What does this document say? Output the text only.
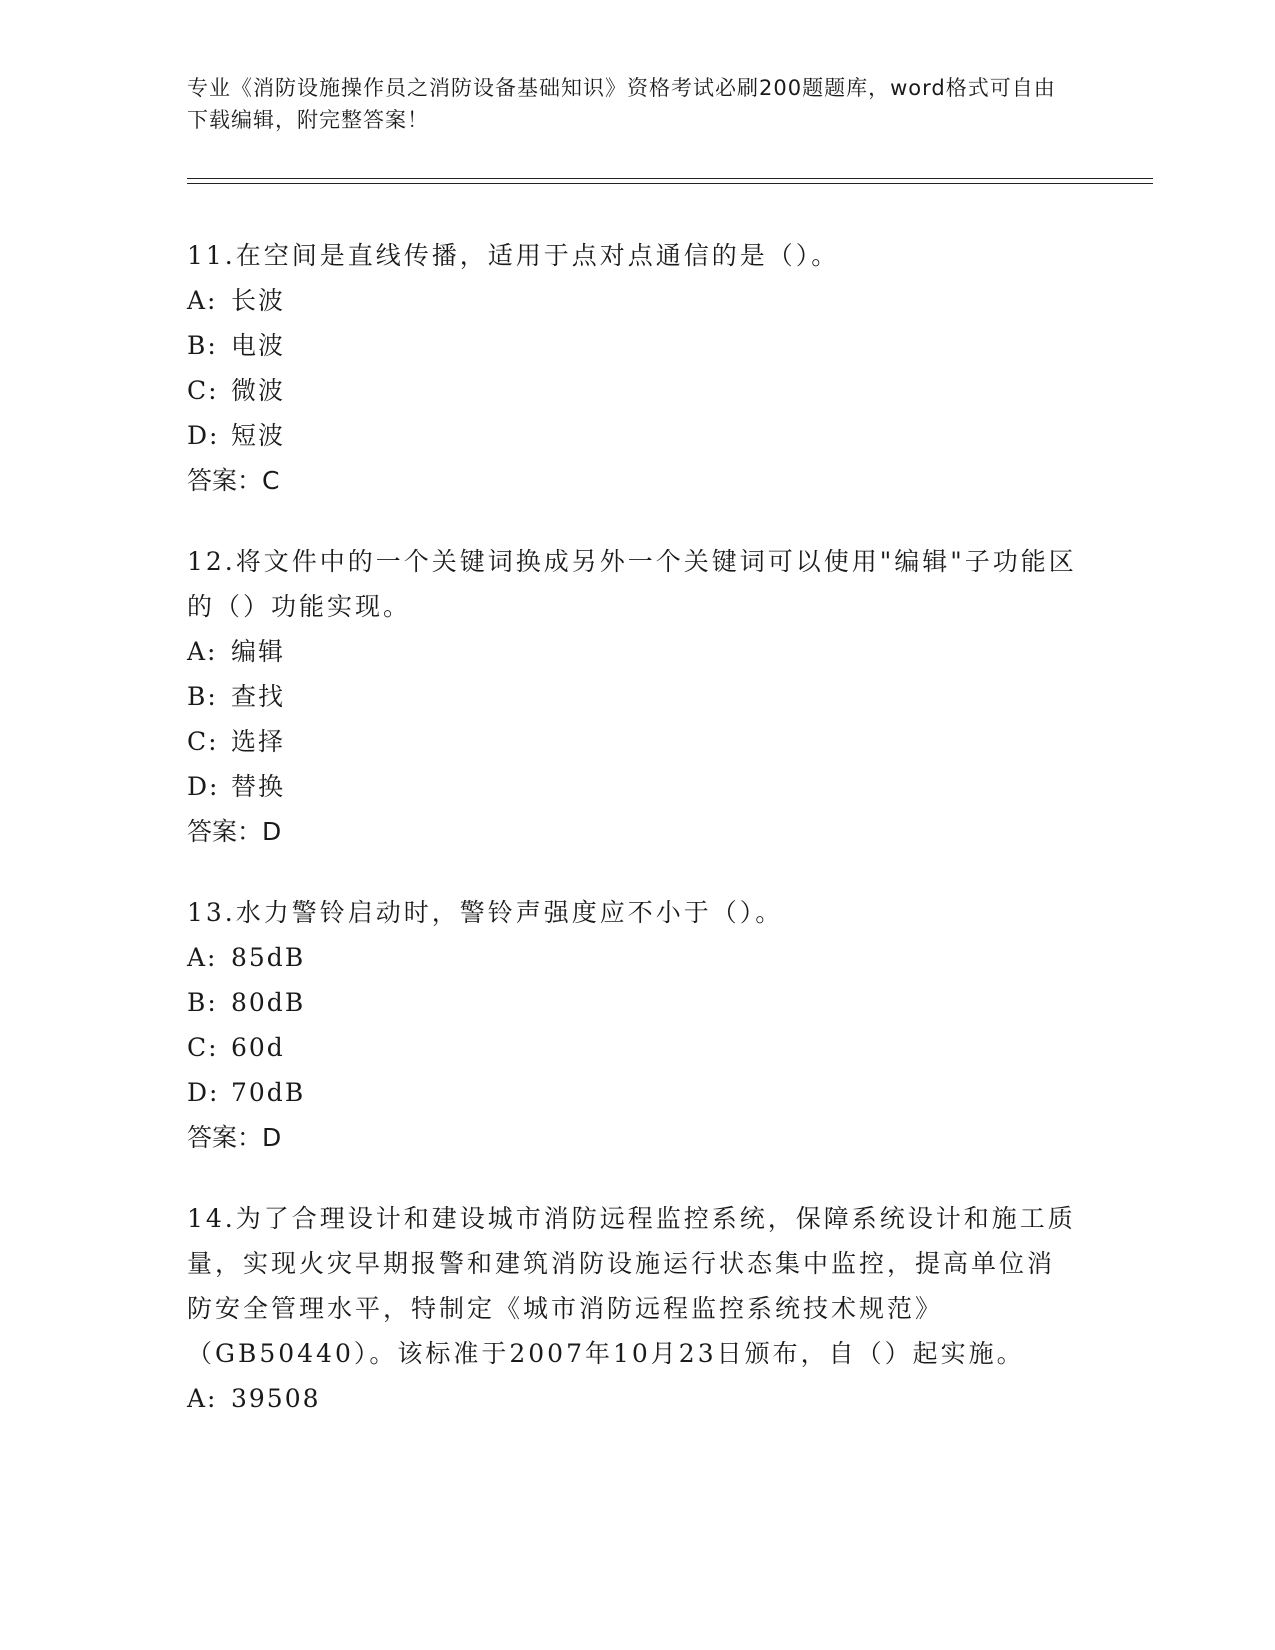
专业《消防设施操作员之消防设备基础知识》资格考试必刷200题题库，word格式可自由下载编辑，附完整答案！

11.在空间是直线传播，适用于点对点通信的是（）。

A: 长波

B: 电波

C: 微波

D: 短波

答案：C

12.将文件中的一个关键词换成另外一个关键词可以使用"编辑"子功能区的（）功能实现。

A: 编辑

B: 查找

C: 选择

D: 替换

答案：D

13.水力警铃启动时，警铃声强度应不小于（）。

A: 85dB

B: 80dB

C: 60d

D: 70dB

答案：D

14.为了合理设计和建设城市消防远程监控系统，保障系统设计和施工质量，实现火灾早期报警和建筑消防设施运行状态集中监控，提高单位消防安全管理水平，特制定《城市消防远程监控系统技术规范》（GB50440）。该标准于2007年10月23日颁布，自（）起实施。

A: 39508
